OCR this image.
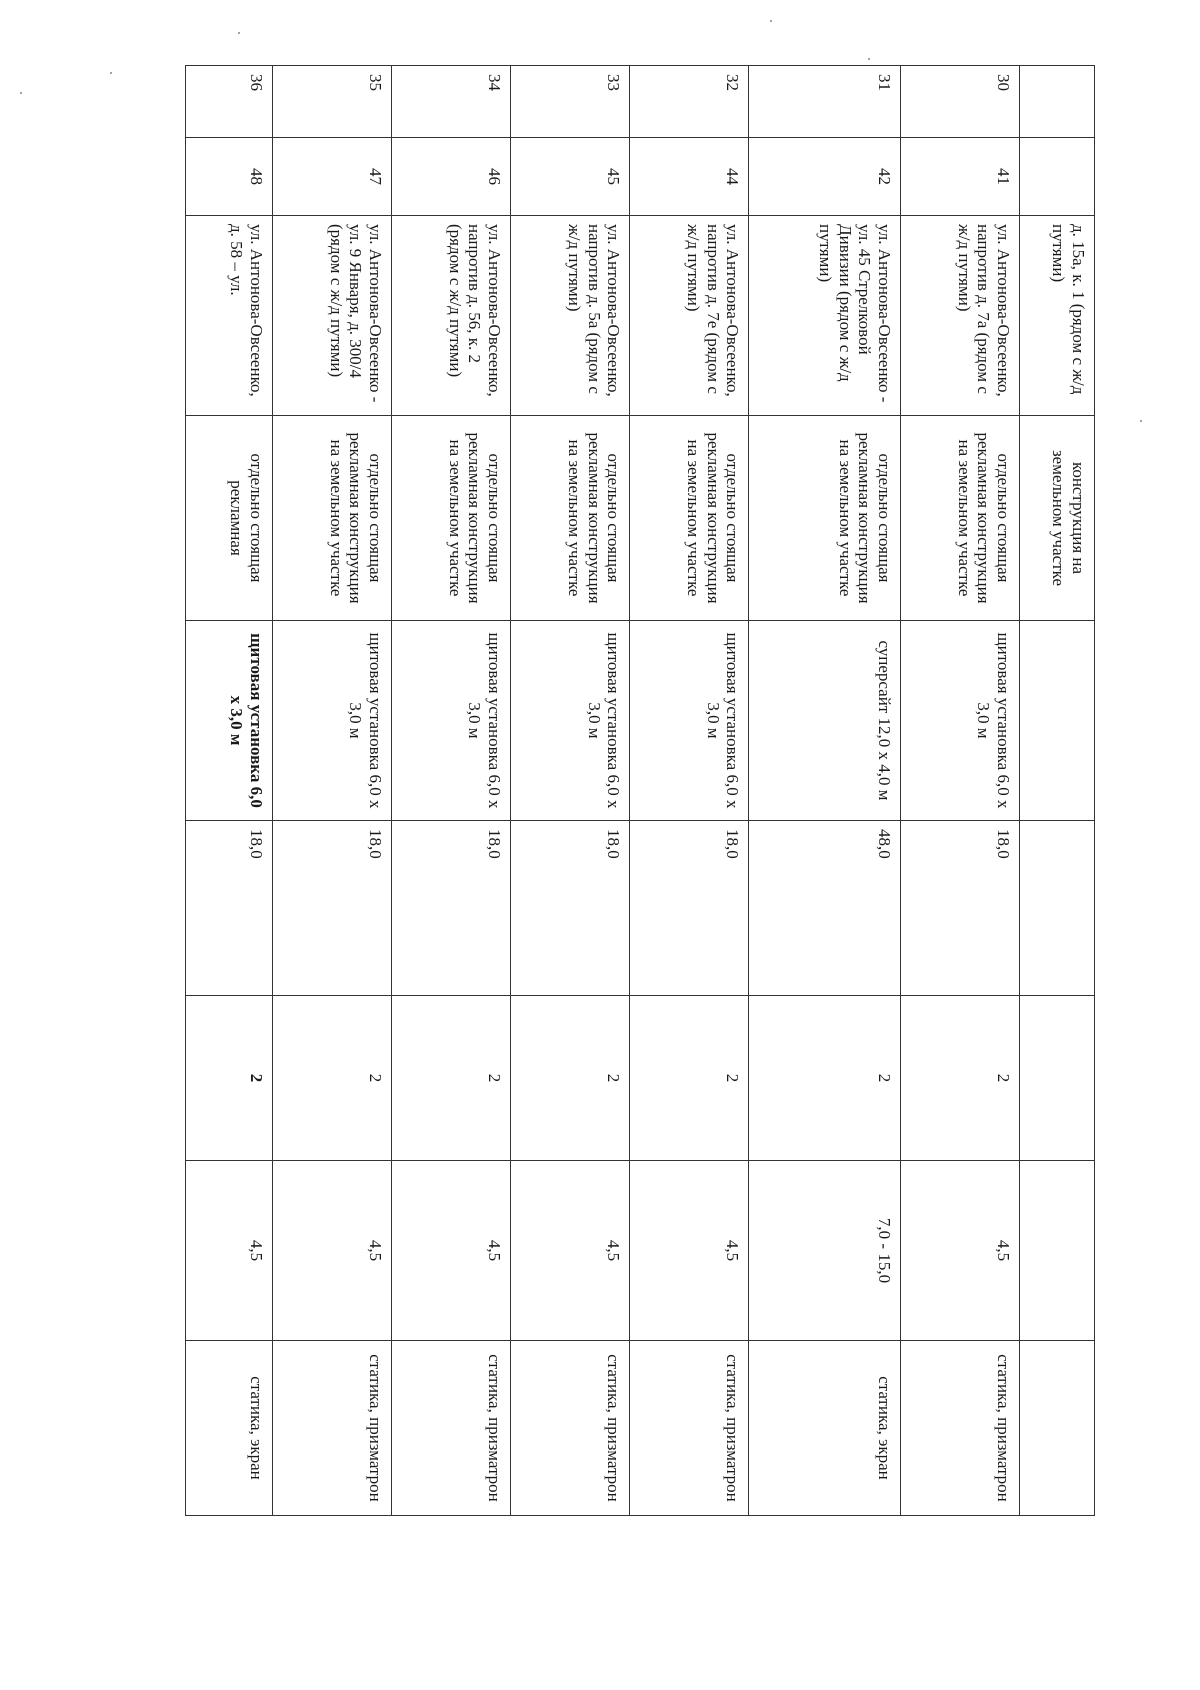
		д. 15а, к. 1 (рядом с ж/д путями)	конструкция на земельном участке					
30	41	ул. Антонова-Овсеенко, напротив д. 7а (рядом с ж/д путями)	отдельно стоящая рекламная конструкция на земельном участке	щитовая установка 6,0 х 3,0 м	18,0	2	4,5	статика, призматрон
31	42	ул. Антонова-Овсеенко - ул. 45 Стрелковой Дивизии (рядом с ж/д путями)	отдельно стоящая рекламная конструкция на земельном участке	суперсайт 12,0 х 4,0 м	48,0	2	7,0 - 15,0	статика, экран
32	44	ул. Антонова-Овсеенко, напротив д. 7е (рядом с ж/д путями)	отдельно стоящая рекламная конструкция на земельном участке	щитовая установка 6,0 х 3,0 м	18,0	2	4,5	статика, призматрон
33	45	ул. Антонова-Овсеенко, напротив д. 5а (рядом с ж/д путями)	отдельно стоящая рекламная конструкция на земельном участке	щитовая установка 6,0 х 3,0 м	18,0	2	4,5	статика, призматрон
34	46	ул. Антонова-Овсеенко, напротив д. 56, к. 2 (рядом с ж/д путями)	отдельно стоящая рекламная конструкция на земельном участке	щитовая установка 6,0 х 3,0 м	18,0	2	4,5	статика, призматрон
35	47	ул. Антонова-Овсеенко - ул. 9 Января, д. 300/4 (рядом с ж/д путями)	отдельно стоящая рекламная конструкция на земельном участке	щитовая установка 6,0 х 3,0 м	18,0	2	4,5	статика, призматрон
36	48	ул. Антонова-Овсеенко, д. 58 – ул.	отдельно стоящая рекламная	щитовая установка 6,0 х 3,0 м	18,0	2	4,5	статика, экран
